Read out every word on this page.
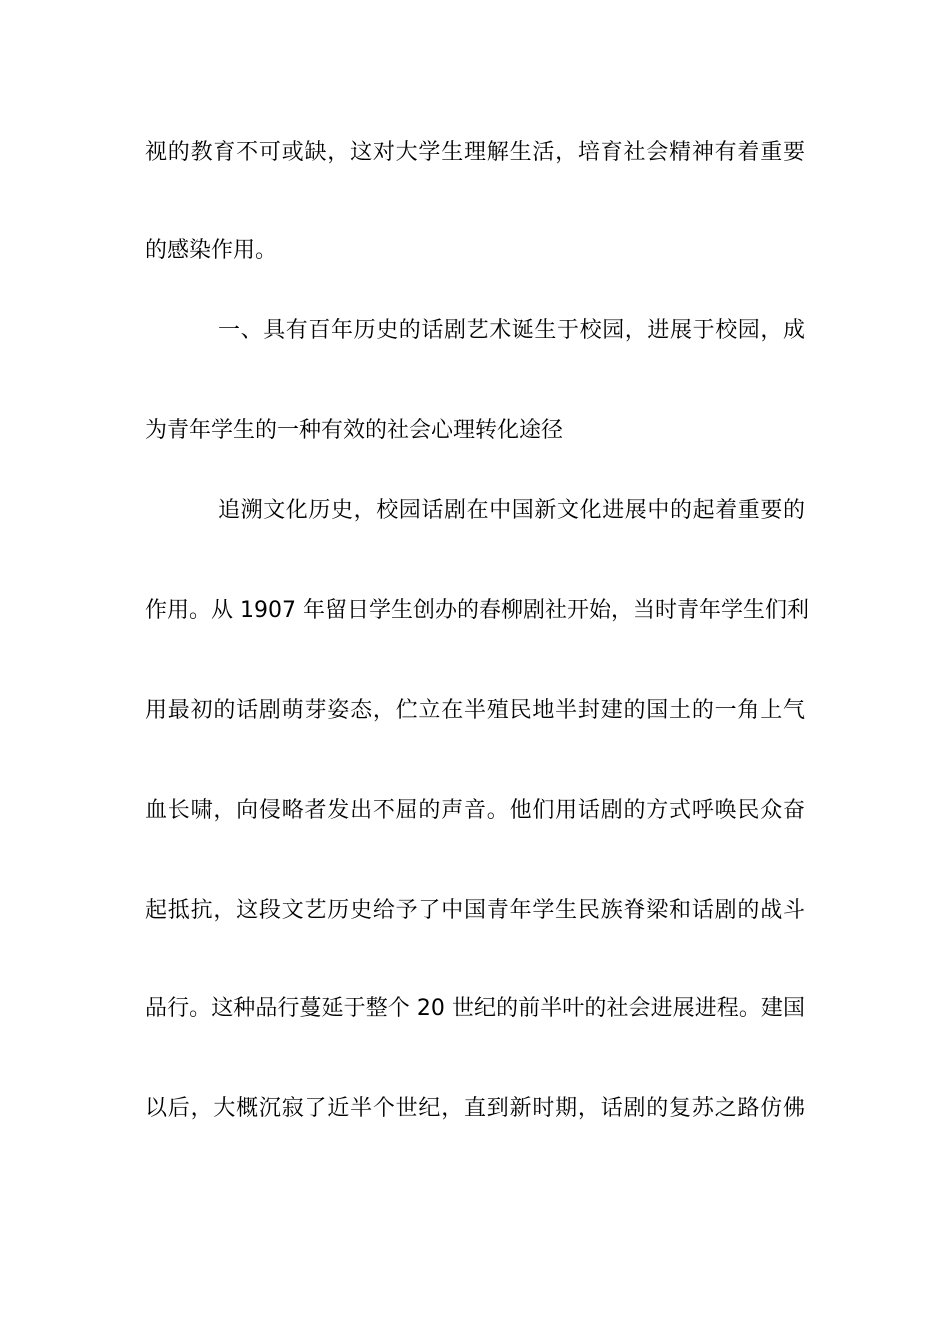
视的教育不可或缺，这对大学生理解生活，培育社会精神有着重要
的感染作用。
一、具有百年历史的话剧艺术诞生于校园，进展于校园，成
为青年学生的一种有效的社会心理转化途径
追溯文化历史，校园话剧在中国新文化进展中的起着重要的
作用。从 1907 年留日学生创办的春柳剧社开始，当时青年学生们利
用最初的话剧萌芽姿态，伫立在半殖民地半封建的国土的一角上气
血长啸，向侵略者发出不屈的声音。他们用话剧的方式呼唤民众奋
起抵抗，这段文艺历史给予了中国青年学生民族脊梁和话剧的战斗
品行。这种品行蔓延于整个 20 世纪的前半叶的社会进展进程。建国
以后，大概沉寂了近半个世纪，直到新时期，话剧的复苏之路仿佛
